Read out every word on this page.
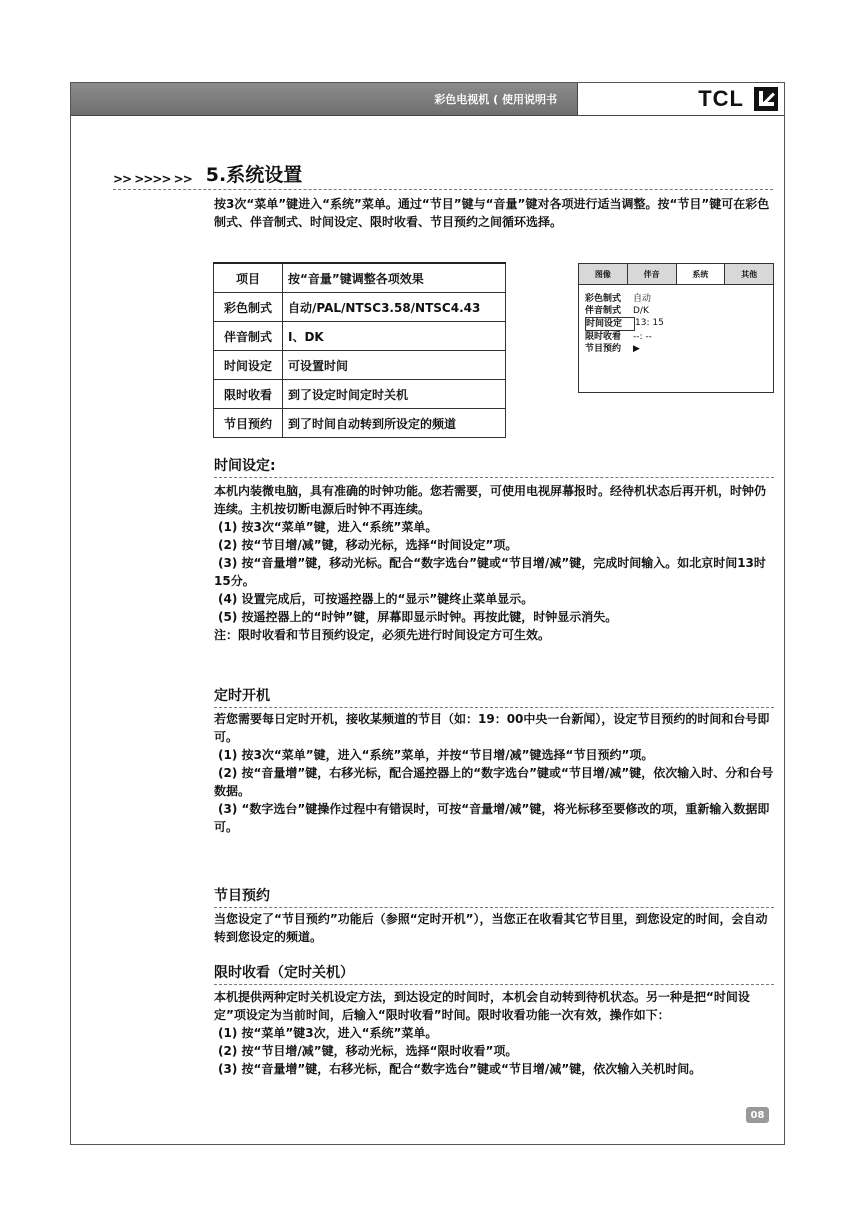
彩色电视机 ( 使用说明书	TCL
>> >>>> >> 5.系统设置

按3次“菜单”键进入“系统”菜单。通过“节目”键与“音量”键对各项进行适当调整。按“节目”键可在彩色制式、伴音制式、时间设定、限时收看、节目预约之间循环选择。

项目	按“音量”键调整各项效果
彩色制式	自动/PAL/NTSC3.58/NTSC4.43
伴音制式	I、DK
时间设定	可设置时间
限时收看	到了设定时间定时关机
节目预约	到了时间自动转到所设定的频道
图像	伴音	系统	其他
彩色制式	自动
伴音制式	D/K
时间设定	13: 15
限时收看	--: --
节目预约	▶
时间设定:

本机内装微电脑，具有准确的时钟功能。您若需要，可使用电视屏幕报时。经待机状态后再开机，时钟仍连续。主机按切断电源后时钟不再连续。

(1) 按3次“菜单”键，进入“系统”菜单。

(2) 按“节目增/减”键，移动光标，选择“时间设定”项。

(3) 按“音量增”键，移动光标。配合“数字选台”键或“节目增/减”键，完成时间输入。如北京时间13时15分。

(4) 设置完成后，可按遥控器上的“显示”键终止菜单显示。

(5) 按遥控器上的“时钟”键，屏幕即显示时钟。再按此键，时钟显示消失。

注：限时收看和节目预约设定，必须先进行时间设定方可生效。

定时开机

若您需要每日定时开机，接收某频道的节目（如：19：00中央一台新闻），设定节目预约的时间和台号即可。

(1) 按3次“菜单”键，进入“系统”菜单，并按“节目增/减”键选择“节目预约”项。

(2) 按“音量增”键，右移光标，配合遥控器上的“数字选台”键或“节目增/减”键，依次输入时、分和台号数据。

(3) “数字选台”键操作过程中有错误时，可按“音量增/减”键，将光标移至要修改的项，重新输入数据即可。

节目预约

当您设定了“节目预约”功能后（参照“定时开机”），当您正在收看其它节目里，到您设定的时间，会自动转到您设定的频道。

限时收看（定时关机）

本机提供两种定时关机设定方法，到达设定的时间时，本机会自动转到待机状态。另一种是把“时间设定”项设定为当前时间，后输入“限时收看”时间。限时收看功能一次有效，操作如下：

(1) 按“菜单”键3次，进入“系统”菜单。

(2) 按“节目增/减”键，移动光标，选择“限时收看”项。

(3) 按“音量增”键，右移光标，配合“数字选台”键或“节目增/减”键，依次输入关机时间。

08
